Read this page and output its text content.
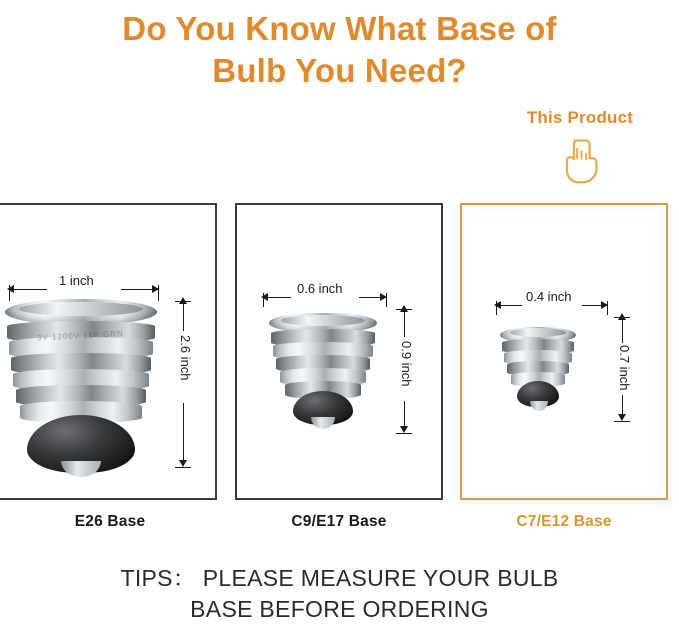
Do You Know What Base of
Bulb You Need?
This Product
3V 1200V 11P GRN
1 inch
2.6 inch
0.6 inch
0.9 inch
0.4 inch
0.7 inch
E26 Base	C9/E17 Base	C7/E12 Base
TIPS： PLEASE MEASURE YOUR BULB
BASE BEFORE ORDERING
